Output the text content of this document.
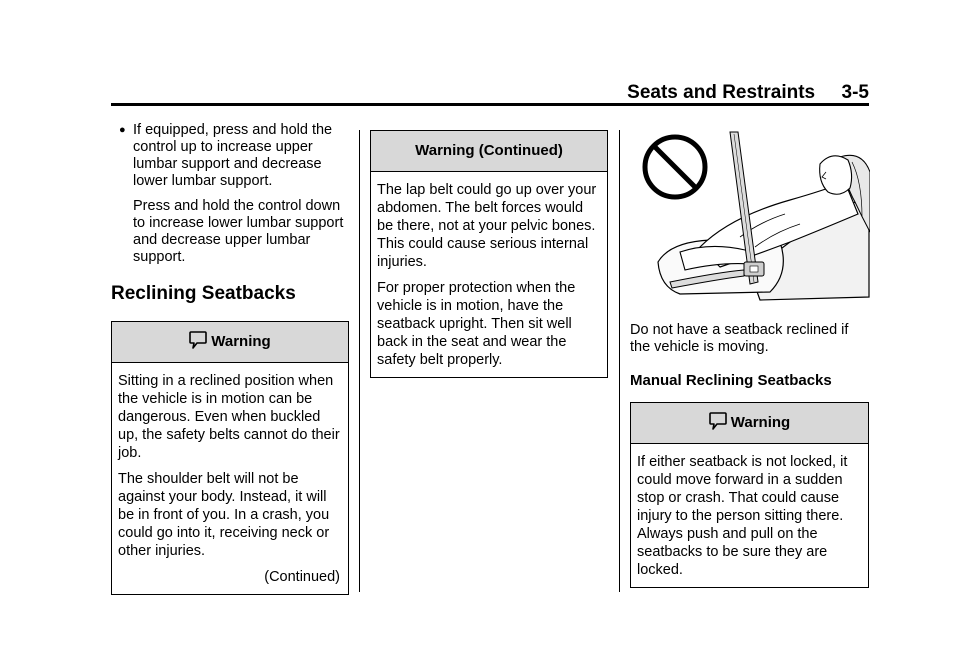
Seats and Restraints 3-5
● If equipped, press and hold the control up to increase upper lumbar support and decrease lower lumbar support.
Press and hold the control down to increase lower lumbar support and decrease upper lumbar support.
Reclining Seatbacks
Warning

Sitting in a reclined position when the vehicle is in motion can be dangerous. Even when buckled up, the safety belts cannot do their job.

The shoulder belt will not be against your body. Instead, it will be in front of you. In a crash, you could go into it, receiving neck or other injuries.

(Continued)
Warning (Continued)

The lap belt could go up over your abdomen. The belt forces would be there, not at your pelvic bones. This could cause serious internal injuries.

For proper protection when the vehicle is in motion, have the seatback upright. Then sit well back in the seat and wear the safety belt properly.

Do not have a seatback reclined if the vehicle is moving.
Manual Reclining Seatbacks
Warning

If either seatback is not locked, it could move forward in a sudden stop or crash. That could cause injury to the person sitting there. Always push and pull on the seatbacks to be sure they are locked.
